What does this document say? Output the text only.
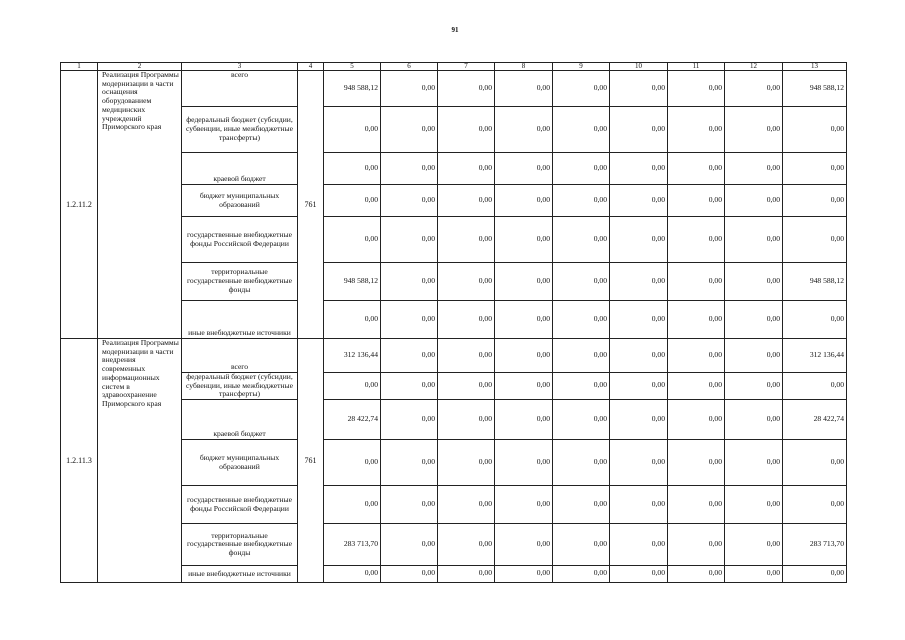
91
1	2	3	4	5	6	7	8	9	10	11	12	13
1.2.11.2	Реализация Программы модернизации в части оснащения оборудованием медицинских учреждений Приморского края	всего	761	948 588,12	0,00	0,00	0,00	0,00	0,00	0,00	0,00	948 588,12
		федеральный бюджет (субсидии, субвенции, иные межбюджетные трансферты)		0,00	0,00	0,00	0,00	0,00	0,00	0,00	0,00	0,00
		краевой бюджет		0,00	0,00	0,00	0,00	0,00	0,00	0,00	0,00	0,00
		бюджет муниципальных образований		0,00	0,00	0,00	0,00	0,00	0,00	0,00	0,00	0,00
		государственные внебюджетные фонды Российской Федерации		0,00	0,00	0,00	0,00	0,00	0,00	0,00	0,00	0,00
		территориальные государственные внебюджетные фонды		948 588,12	0,00	0,00	0,00	0,00	0,00	0,00	0,00	948 588,12
		иные внебюджетные источники		0,00	0,00	0,00	0,00	0,00	0,00	0,00	0,00	0,00
1.2.11.3	Реализация Программы модернизации в части внедрения современных информационных систем в здравоохранение Приморского края	всего	761	312 136,44	0,00	0,00	0,00	0,00	0,00	0,00	0,00	312 136,44
		федеральный бюджет (субсидии, субвенции, иные межбюджетные трансферты)		0,00	0,00	0,00	0,00	0,00	0,00	0,00	0,00	0,00
		краевой бюджет		28 422,74	0,00	0,00	0,00	0,00	0,00	0,00	0,00	28 422,74
		бюджет муниципальных образований		0,00	0,00	0,00	0,00	0,00	0,00	0,00	0,00	0,00
		государственные внебюджетные фонды Российской Федерации		0,00	0,00	0,00	0,00	0,00	0,00	0,00	0,00	0,00
		территориальные государственные внебюджетные фонды		283 713,70	0,00	0,00	0,00	0,00	0,00	0,00	0,00	283 713,70
		иные внебюджетные источники		0,00	0,00	0,00	0,00	0,00	0,00	0,00	0,00	0,00
